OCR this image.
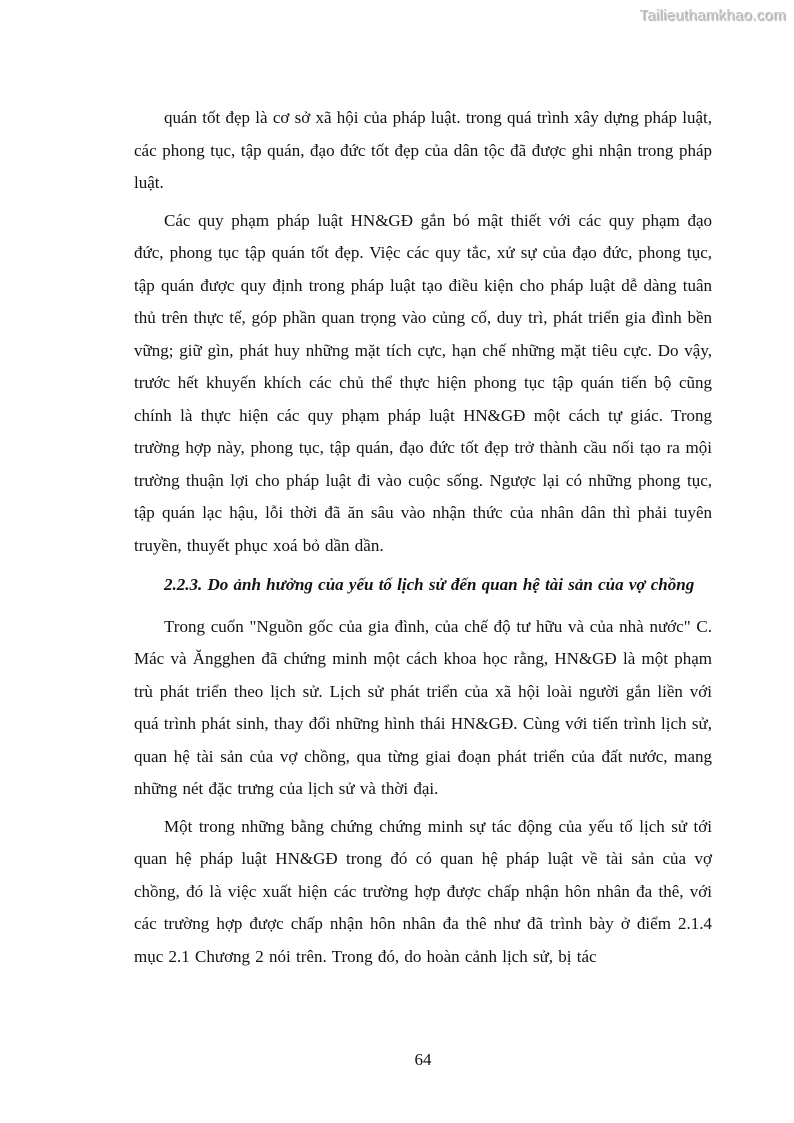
Tailieuthamkhao.com

quán tốt đẹp là cơ sở xã hội của pháp luật. trong quá trình xây dựng pháp luật, các phong tục, tập quán, đạo đức tốt đẹp của dân tộc đã được ghi nhận trong pháp luật.

Các quy phạm pháp luật HN&GĐ gắn bó mật thiết với các quy phạm đạo đức, phong tục tập quán tốt đẹp. Việc các quy tắc, xử sự của đạo đức, phong tục, tập quán được quy định trong pháp luật tạo điều kiện cho pháp luật dễ dàng tuân thủ trên thực tế, góp phần quan trọng vào củng cố, duy trì, phát triển gia đình bền vững; giữ gìn, phát huy những mặt tích cực, hạn chế những mặt tiêu cực. Do vậy, trước hết khuyến khích các chủ thể thực hiện phong tục tập quán tiến bộ cũng chính là thực hiện các quy phạm pháp luật HN&GĐ một cách tự giác. Trong trường hợp này, phong tục, tập quán, đạo đức tốt đẹp trở thành cầu nối tạo ra mội trường thuận lợi cho pháp luật đi vào cuộc sống. Ngược lại có những phong tục, tập quán lạc hậu, lỗi thời đã ăn sâu vào nhận thức của nhân dân thì phải tuyên truyền, thuyết phục xoá bỏ dần dần.

2.2.3. Do ảnh hưởng của yếu tố lịch sử đến quan hệ tài sản của vợ chồng

Trong cuốn "Nguồn gốc của gia đình, của chế độ tư hữu và của nhà nước" C. Mác và Ăngghen đã chứng minh một cách khoa học rằng, HN&GĐ là một phạm trù phát triển theo lịch sử. Lịch sử phát triển của xã hội loài người gắn liền với quá trình phát sinh, thay đổi những hình thái HN&GĐ. Cùng với tiến trình lịch sử, quan hệ tài sản của vợ chồng, qua từng giai đoạn phát triển của đất nước, mang những nét đặc trưng của lịch sử và thời đại.

Một trong những bằng chứng chứng minh sự tác động của yếu tố lịch sử tới quan hệ pháp luật HN&GĐ trong đó có quan hệ pháp luật về tài sản của vợ chồng, đó là việc xuất hiện các trường hợp được chấp nhận hôn nhân đa thê, với các trường hợp được chấp nhận hôn nhân đa thê như đã trình bày ở điểm 2.1.4 mục 2.1 Chương 2 nói trên. Trong đó, do hoàn cảnh lịch sử, bị tác

64
